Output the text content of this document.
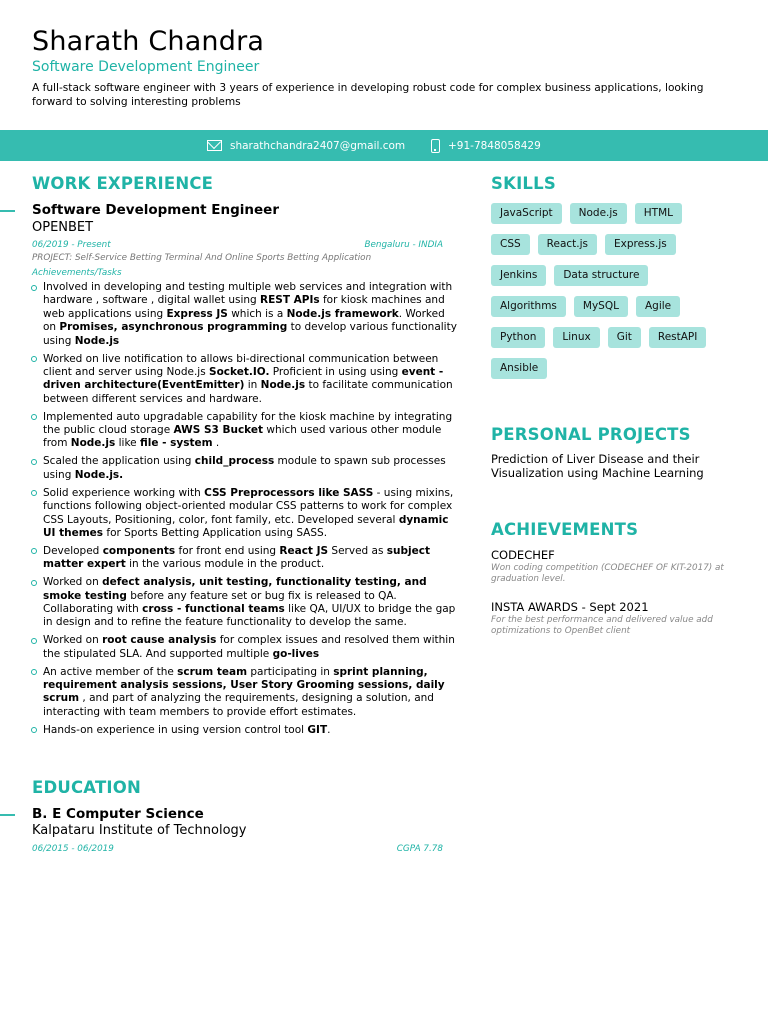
Sharath Chandra
Software Development Engineer
A full-stack software engineer with 3 years of experience in developing robust code for complex business applications, looking forward to solving interesting problems
sharathchandra2407@gmail.com	+91-7848058429
WORK EXPERIENCE
Software Development Engineer
OPENBET
06/2019 - Present	Bengaluru - INDIA
PROJECT: Self-Service Betting Terminal And Online Sports Betting Application
Achievements/Tasks
Involved in developing and testing multiple web services and integration with hardware , software , digital wallet using REST APIs for kiosk machines and web applications using Express JS which is a Node.js framework. Worked on Promises, asynchronous programming to develop various functionality using Node.js
Worked on live notification to allows bi-directional communication between client and server using Node.js Socket.IO. Proficient in using using event - driven architecture(EventEmitter) in Node.js to facilitate communication between different services and hardware.
Implemented auto upgradable capability for the kiosk machine by integrating the public cloud storage AWS S3 Bucket which used various other module from Node.js like file - system .
Scaled the application using child_process module to spawn sub processes using Node.js.
Solid experience working with CSS Preprocessors like SASS - using mixins, functions following object-oriented modular CSS patterns to work for complex CSS Layouts, Positioning, color, font family, etc. Developed several dynamic UI themes for Sports Betting Application using SASS.
Developed components for front end using React JS Served as subject matter expert in the various module in the product.
Worked on defect analysis, unit testing, functionality testing, and smoke testing before any feature set or bug fix is released to QA. Collaborating with cross - functional teams like QA, UI/UX to bridge the gap in design and to refine the feature functionality to develop the same.
Worked on root cause analysis for complex issues and resolved them within the stipulated SLA. And supported multiple go-lives
An active member of the scrum team participating in sprint planning, requirement analysis sessions, User Story Grooming sessions, daily scrum , and part of analyzing the requirements, designing a solution, and interacting with team members to provide effort estimates.
Hands-on experience in using version control tool GIT.
EDUCATION
B. E Computer Science
Kalpataru Institute of Technology
06/2015 - 06/2019	CGPA 7.78
SKILLS
JavaScript	Node.js	HTML
CSS	React.js	Express.js
Jenkins	Data structure
Algorithms	MySQL	Agile
Python	Linux	Git	RestAPI
Ansible
PERSONAL PROJECTS
Prediction of Liver Disease and their Visualization using Machine Learning
ACHIEVEMENTS
CODECHEF
Won coding competition (CODECHEF OF KIT-2017) at graduation level.
INSTA AWARDS - Sept 2021
For the best performance and delivered value add optimizations to OpenBet client
